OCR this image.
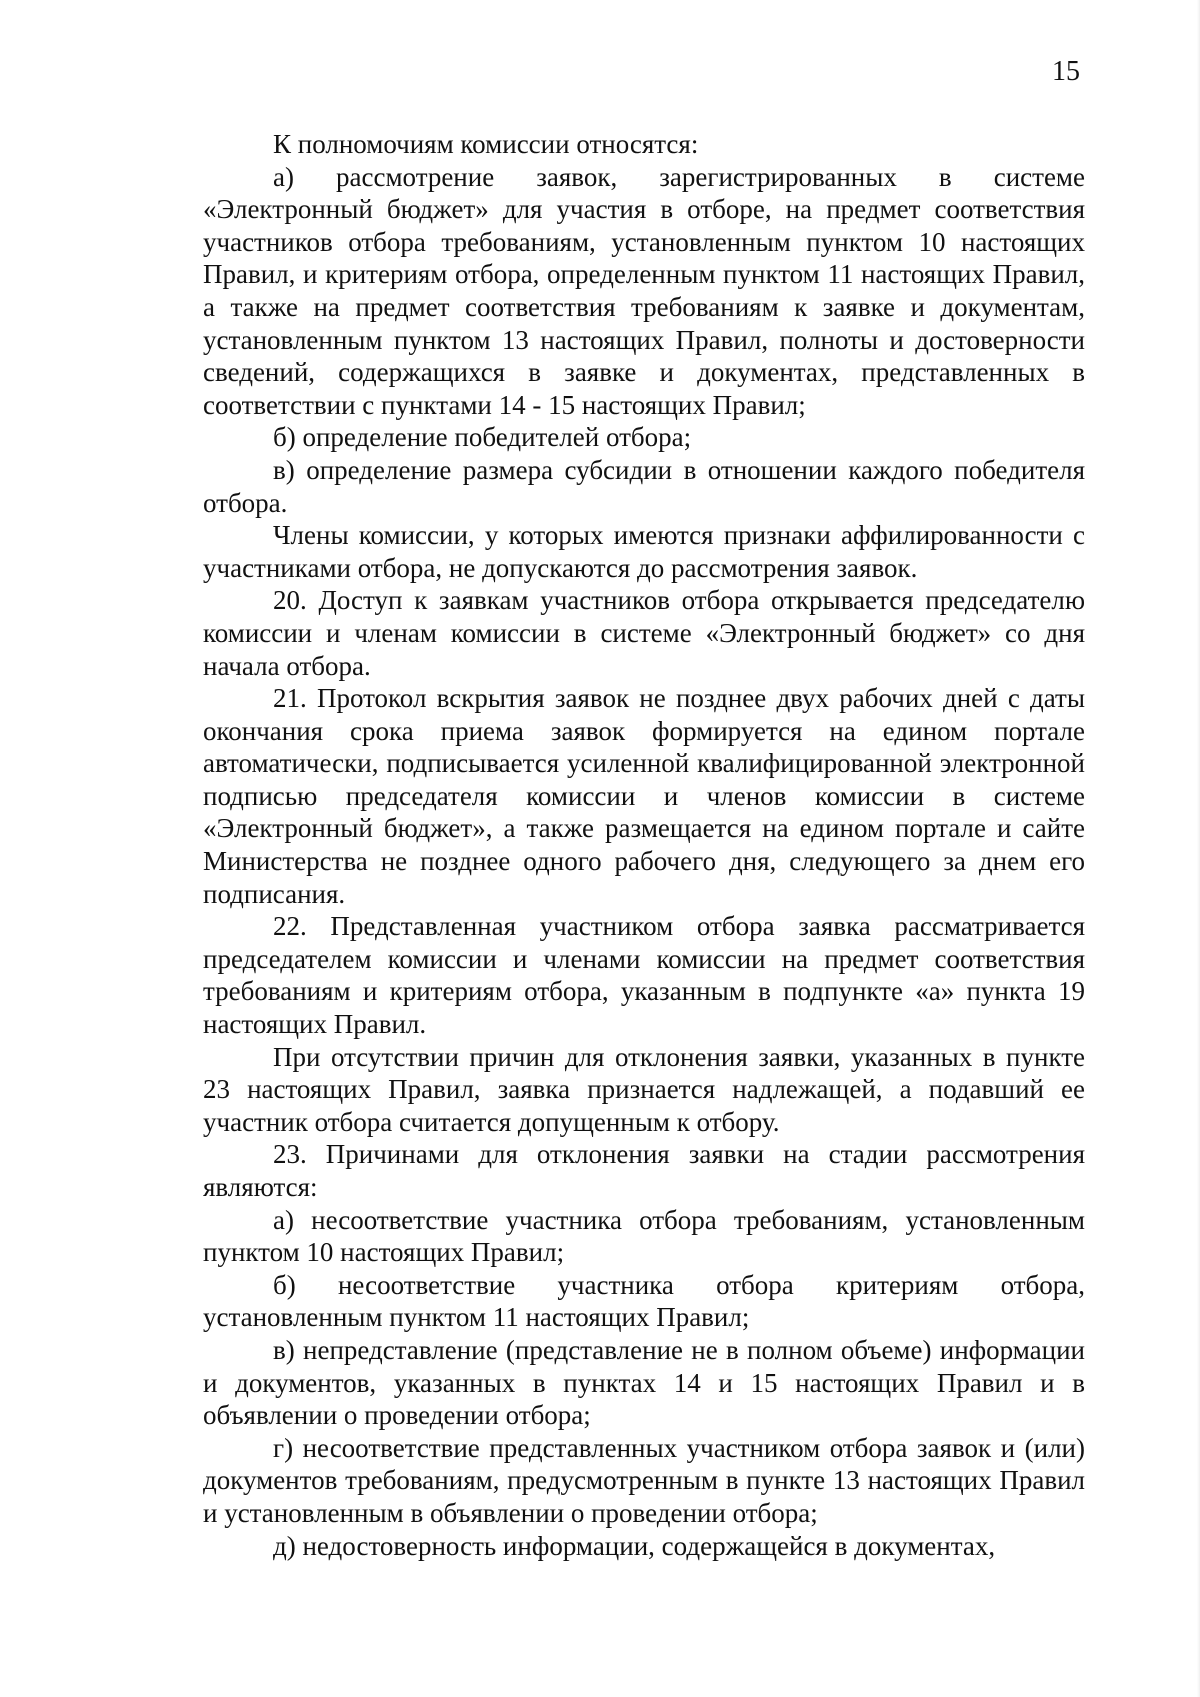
15

К полномочиям комиссии относятся:

а) рассмотрение заявок, зарегистрированных в системе «Электронный бюджет» для участия в отборе, на предмет соответствия участников отбора требованиям, установленным пунктом 10 настоящих Правил, и критериям отбора, определенным пунктом 11 настоящих Правил, а также на предмет соответствия требованиям к заявке и документам, установленным пунктом 13 настоящих Правил, полноты и достоверности сведений, содержащихся в заявке и документах, представленных в соответствии с пунктами 14 - 15 настоящих Правил;

б) определение победителей отбора;

в) определение размера субсидии в отношении каждого победителя отбора.

Члены комиссии, у которых имеются признаки аффилированности с участниками отбора, не допускаются до рассмотрения заявок.

20. Доступ к заявкам участников отбора открывается председателю комиссии и членам комиссии в системе «Электронный бюджет» со дня начала отбора.

21. Протокол вскрытия заявок не позднее двух рабочих дней с даты окончания срока приема заявок формируется на едином портале автоматически, подписывается усиленной квалифицированной электронной подписью председателя комиссии и членов комиссии в системе «Электронный бюджет», а также размещается на едином портале и сайте Министерства не позднее одного рабочего дня, следующего за днем его подписания.

22. Представленная участником отбора заявка рассматривается председателем комиссии и членами комиссии на предмет соответствия требованиям и критериям отбора, указанным в подпункте «а» пункта 19 настоящих Правил.

При отсутствии причин для отклонения заявки, указанных в пункте 23 настоящих Правил, заявка признается надлежащей, а подавший ее участник отбора считается допущенным к отбору.

23. Причинами для отклонения заявки на стадии рассмотрения являются:

а) несоответствие участника отбора требованиям, установленным пунктом 10 настоящих Правил;

б) несоответствие участника отбора критериям отбора, установленным пунктом 11 настоящих Правил;

в) непредставление (представление не в полном объеме) информации и документов, указанных в пунктах 14 и 15 настоящих Правил и в объявлении о проведении отбора;

г) несоответствие представленных участником отбора заявок и (или) документов требованиям, предусмотренным в пункте 13 настоящих Правил и установленным в объявлении о проведении отбора;

д) недостоверность информации, содержащейся в документах,
